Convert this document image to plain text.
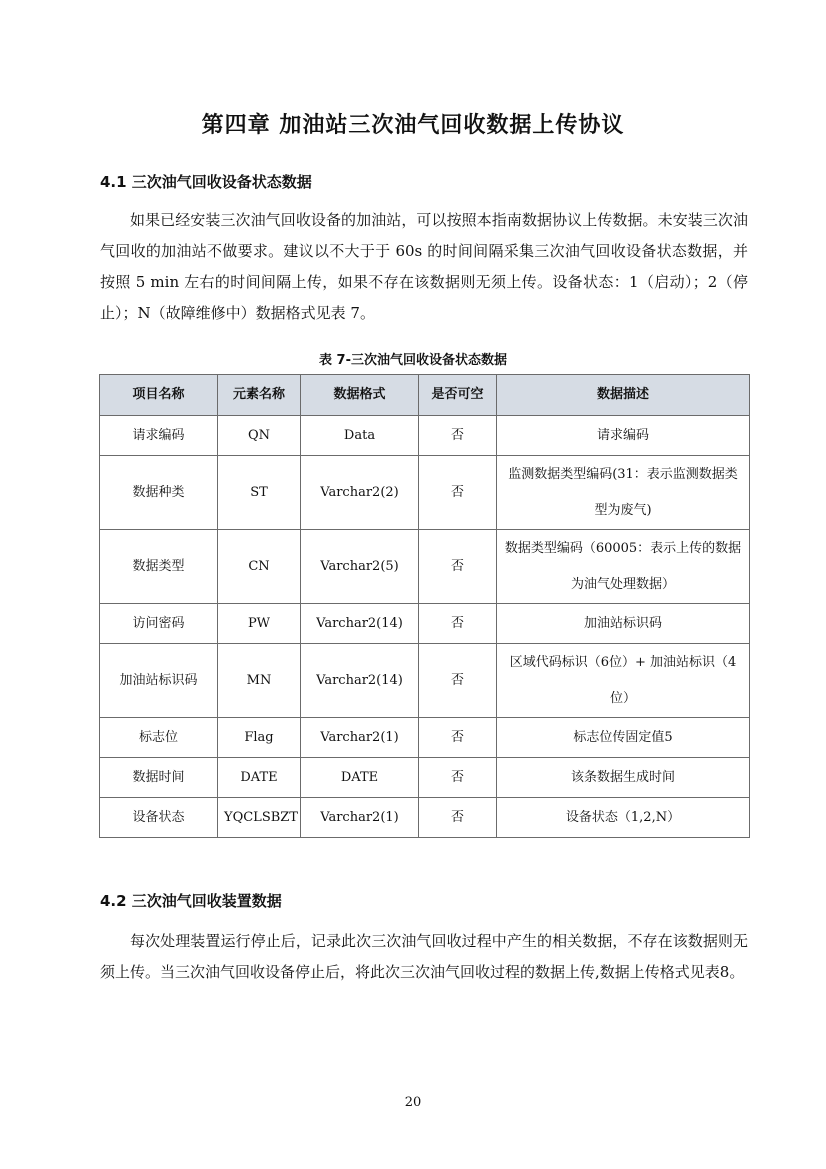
第四章 加油站三次油气回收数据上传协议
4.1 三次油气回收设备状态数据
如果已经安装三次油气回收设备的加油站，可以按照本指南数据协议上传数据。未安装三次油气回收的加油站不做要求。建议以不大于于 60s 的时间间隔采集三次油气回收设备状态数据，并按照 5 min 左右的时间间隔上传，如果不存在该数据则无须上传。设备状态：1（启动）；2（停止）；N（故障维修中）数据格式见表 7。
表 7-三次油气回收设备状态数据
项目名称	元素名称	数据格式	是否可空	数据描述
请求编码	QN	Data	否	请求编码
数据种类	ST	Varchar2(2)	否	监测数据类型编码(31：表示监测数据类型为废气)
数据类型	CN	Varchar2(5)	否	数据类型编码（60005：表示上传的数据为油气处理数据）
访问密码	PW	Varchar2(14)	否	加油站标识码
加油站标识码	MN	Varchar2(14)	否	区域代码标识（6位）+ 加油站标识（4位）
标志位	Flag	Varchar2(1)	否	标志位传固定值5
数据时间	DATE	DATE	否	该条数据生成时间
设备状态	YQCLSBZT	Varchar2(1)	否	设备状态（1,2,N）
4.2 三次油气回收装置数据
每次处理装置运行停止后，记录此次三次油气回收过程中产生的相关数据，不存在该数据则无须上传。当三次油气回收设备停止后，将此次三次油气回收过程的数据上传,数据上传格式见表8。
20
